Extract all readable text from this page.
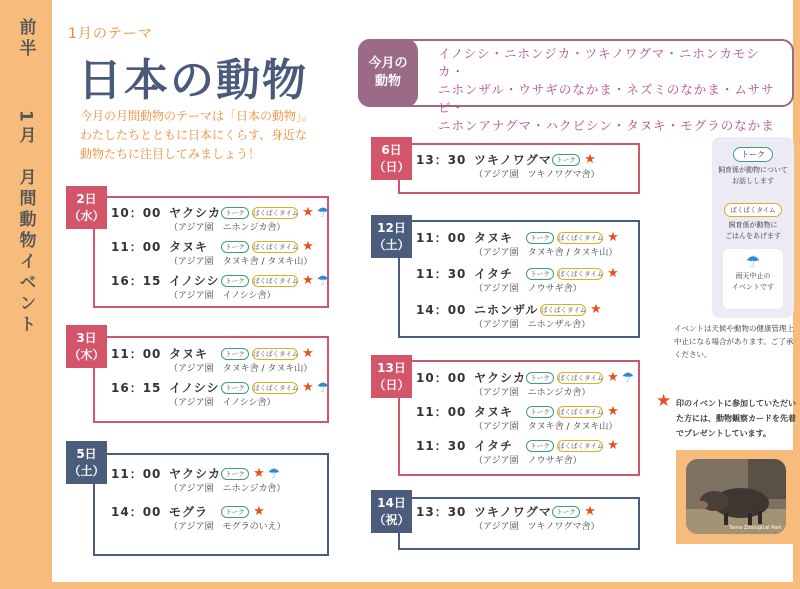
前半
1月　月間動物イベント
1月のテーマ
日本の動物
今月の月間動物のテーマは「日本の動物」。
わたしたちとともに日本にくらす、身近な
動物たちに注目してみましょう！
今月の
動物
イノシシ・ニホンジカ・ツキノワグマ・ニホンカモシカ・
ニホンザル・ウサギのなかま・ネズミのなかま・ムササビ・
ニホンアナグマ・ハクビシン・タヌキ・モグラのなかま
2日
（水） 10：00 ヤクシカ トーク	ぱくぱくタイム ★ ☂
（アジア園　ニホンジカ舎）
11：00 タヌキ	トーク	ぱくぱくタイム ★
（アジア園　タヌキ舎 / タヌキ山）
16：15 イノシシ トーク	ぱくぱくタイム ★ ☂
（アジア園　イノシシ舎）
3日
（木） 11：00 タヌキ	トーク	ぱくぱくタイム ★
（アジア園　タヌキ舎 / タヌキ山）
16：15 イノシシ トーク	ぱくぱくタイム ★ ☂
（アジア園　イノシシ舎）
5日
（土） 11：00 ヤクシカ トーク ★ ☂
（アジア園　ニホンジカ舎）
14：00 モグラ	トーク ★
（アジア園　モグラのいえ）
6日
（日） 13：30 ツキノワグマ トーク ★
（アジア園　ツキノワグマ舎）
12日
（土） 11：00 タヌキ	トーク	ぱくぱくタイム ★
（アジア園　タヌキ舎 / タヌキ山）
11：30 イタチ	トーク	ぱくぱくタイム ★
（アジア園　ノウサギ舎）
14：00 ニホンザル ぱくぱくタイム ★
（アジア園　ニホンザル舎）
13日
（日） 10：00 ヤクシカ トーク	ぱくぱくタイム ★ ☂
（アジア園　ニホンジカ舎）
11：00 タヌキ	トーク	ぱくぱくタイム ★
（アジア園　タヌキ舎 / タヌキ山）
11：30 イタチ	トーク	ぱくぱくタイム ★
（アジア園　ノウサギ舎）
14日
（祝）
13：30 ツキノワグマ トーク ★
（アジア園　ツキノワグマ舎）
トーク
飼育係が動物について
お話しします
ぱくぱくタイム
飼育係が動物に
ごはんをあげます
☂
雨天中止の
イベントです
イベントは天候や動物の健康管理上中止になる場合があります。ご了承ください。
★ 印のイベントに参加していただいた方には、動物観察カードを先着でプレゼントしています。
Tama Zoological Park
